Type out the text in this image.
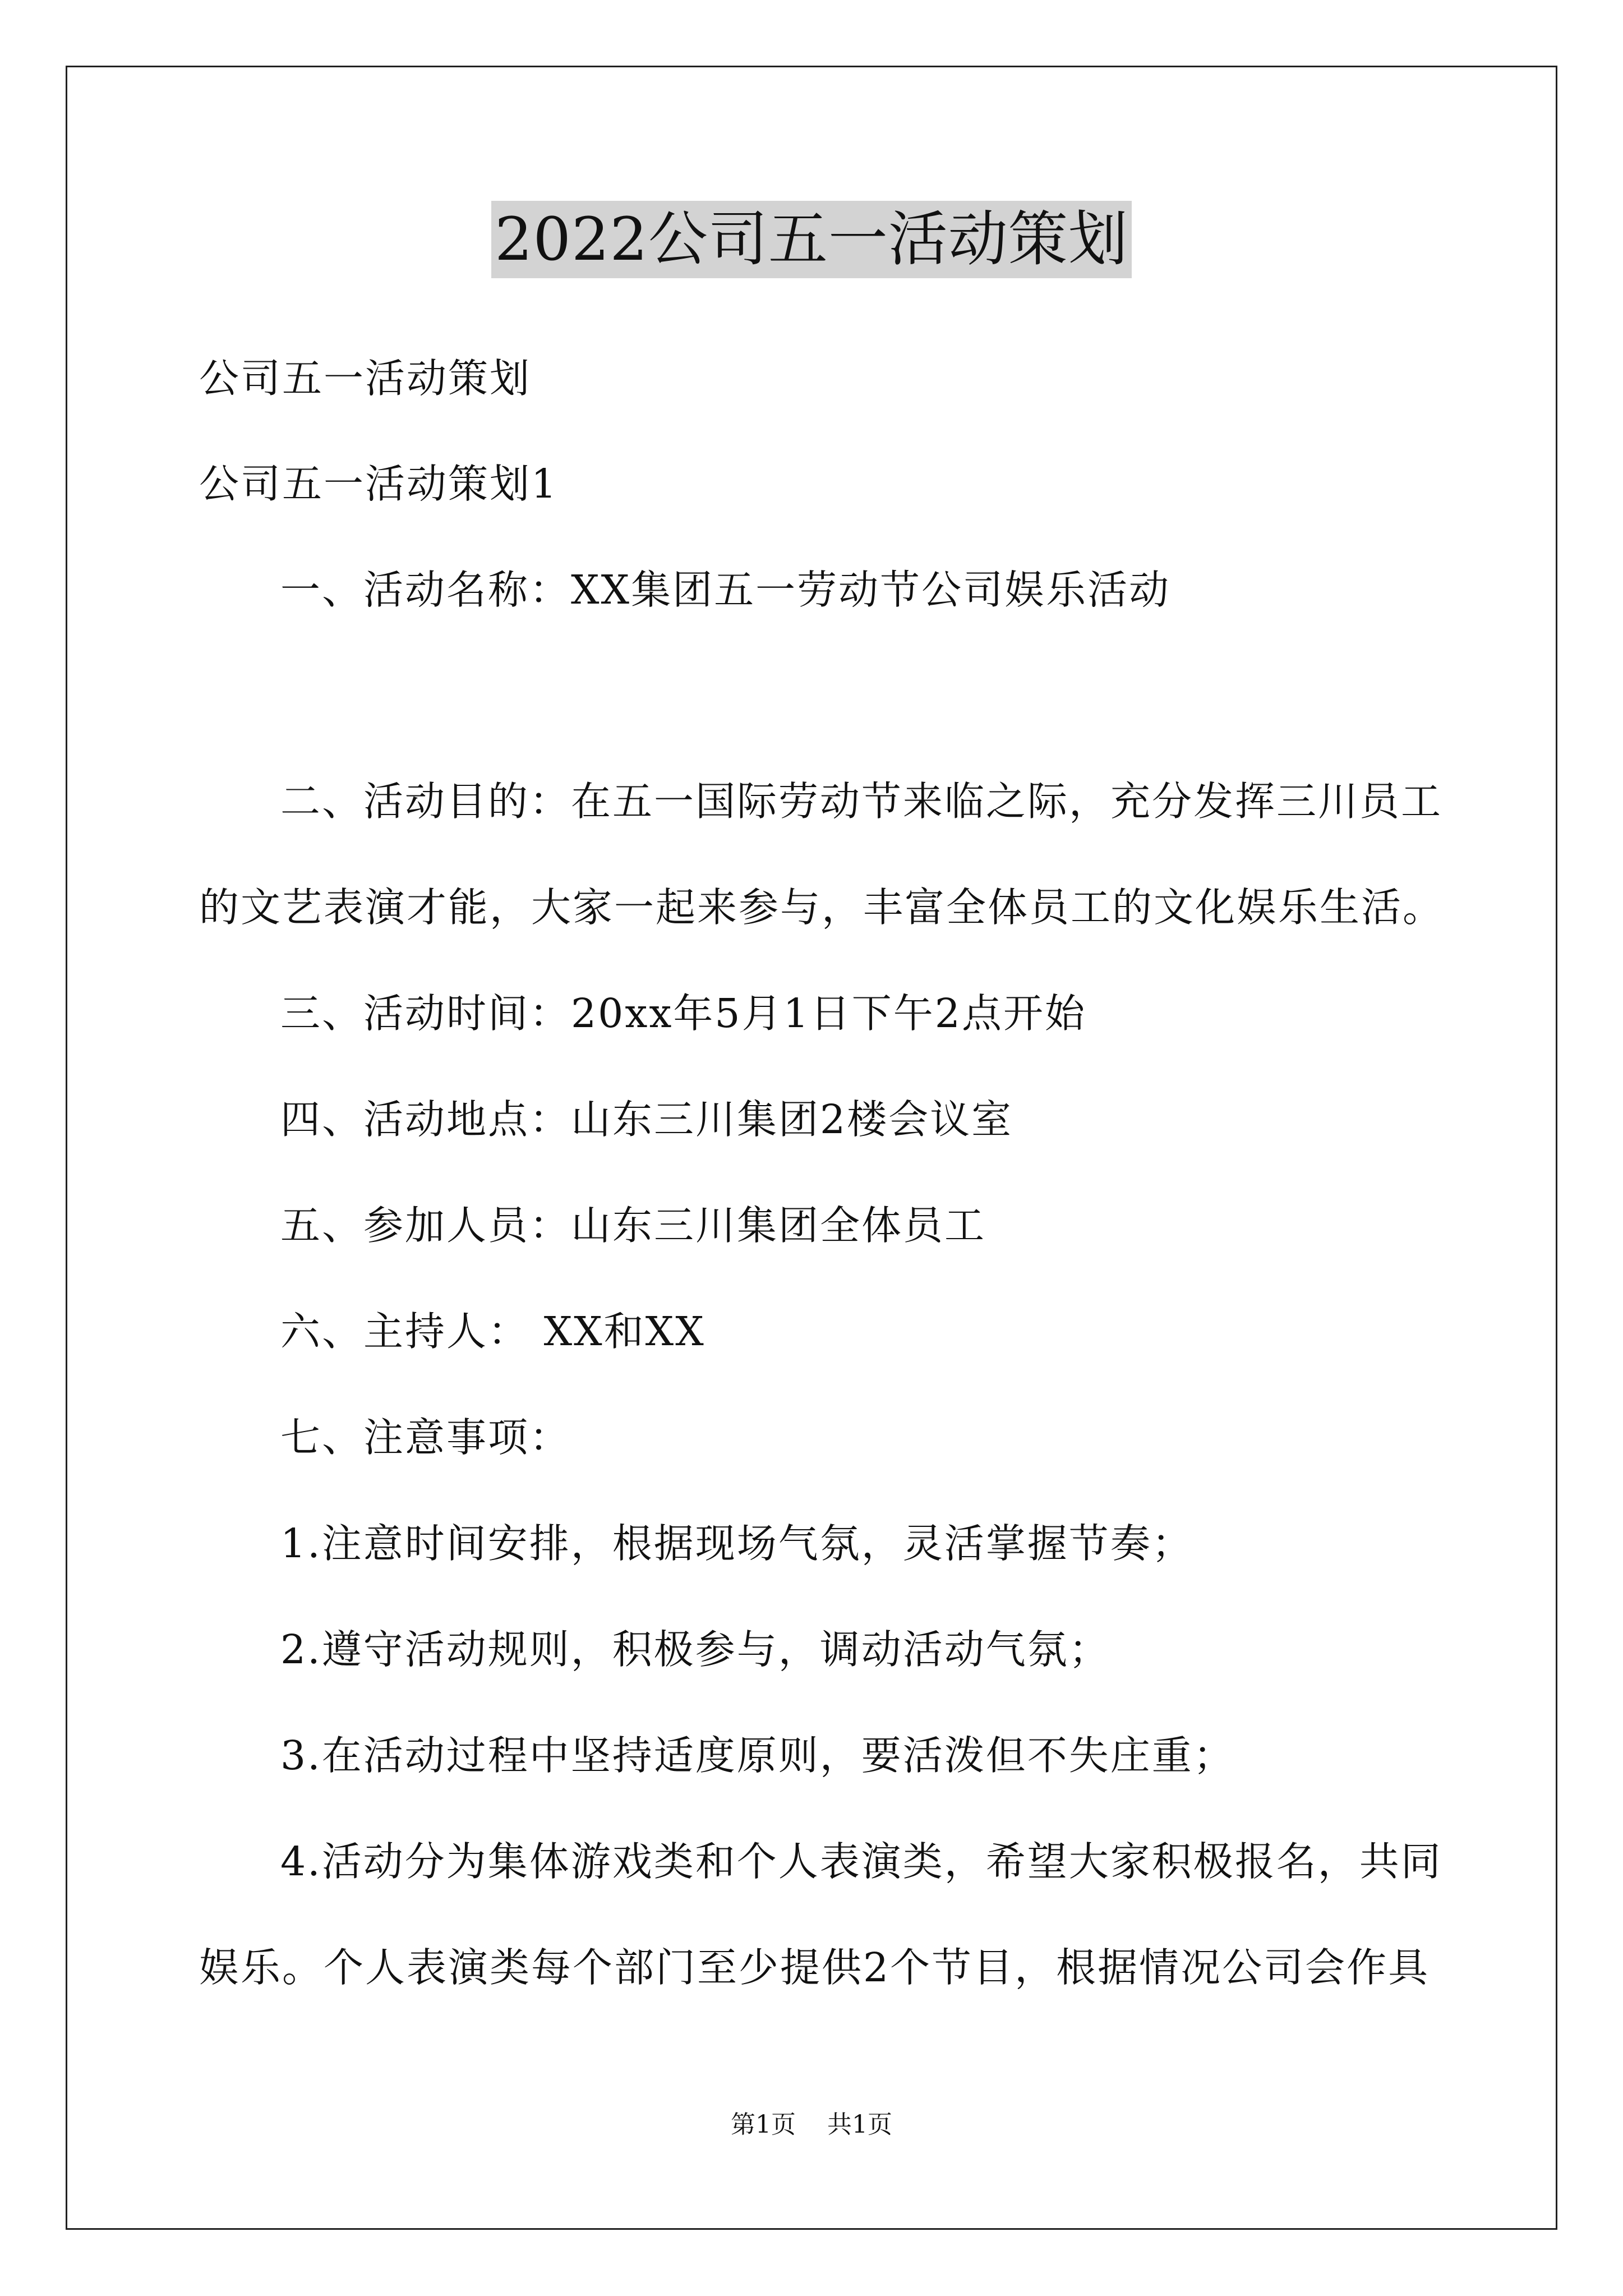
2022公司五一活动策划
公司五一活动策划
公司五一活动策划1
一、活动名称：XX集团五一劳动节公司娱乐活动
二、活动目的：在五一国际劳动节来临之际，充分发挥三川员工
的文艺表演才能，大家一起来参与，丰富全体员工的文化娱乐生活。
三、活动时间：20xx年5月1日下午2点开始
四、活动地点：山东三川集团2楼会议室
五、参加人员：山东三川集团全体员工
六、主持人： XX和XX
七、注意事项：
1.注意时间安排，根据现场气氛，灵活掌握节奏；
2.遵守活动规则，积极参与，调动活动气氛；
3.在活动过程中坚持适度原则，要活泼但不失庄重；
4.活动分为集体游戏类和个人表演类，希望大家积极报名，共同
娱乐。个人表演类每个部门至少提供2个节目，根据情况公司会作具
第1页 共1页
